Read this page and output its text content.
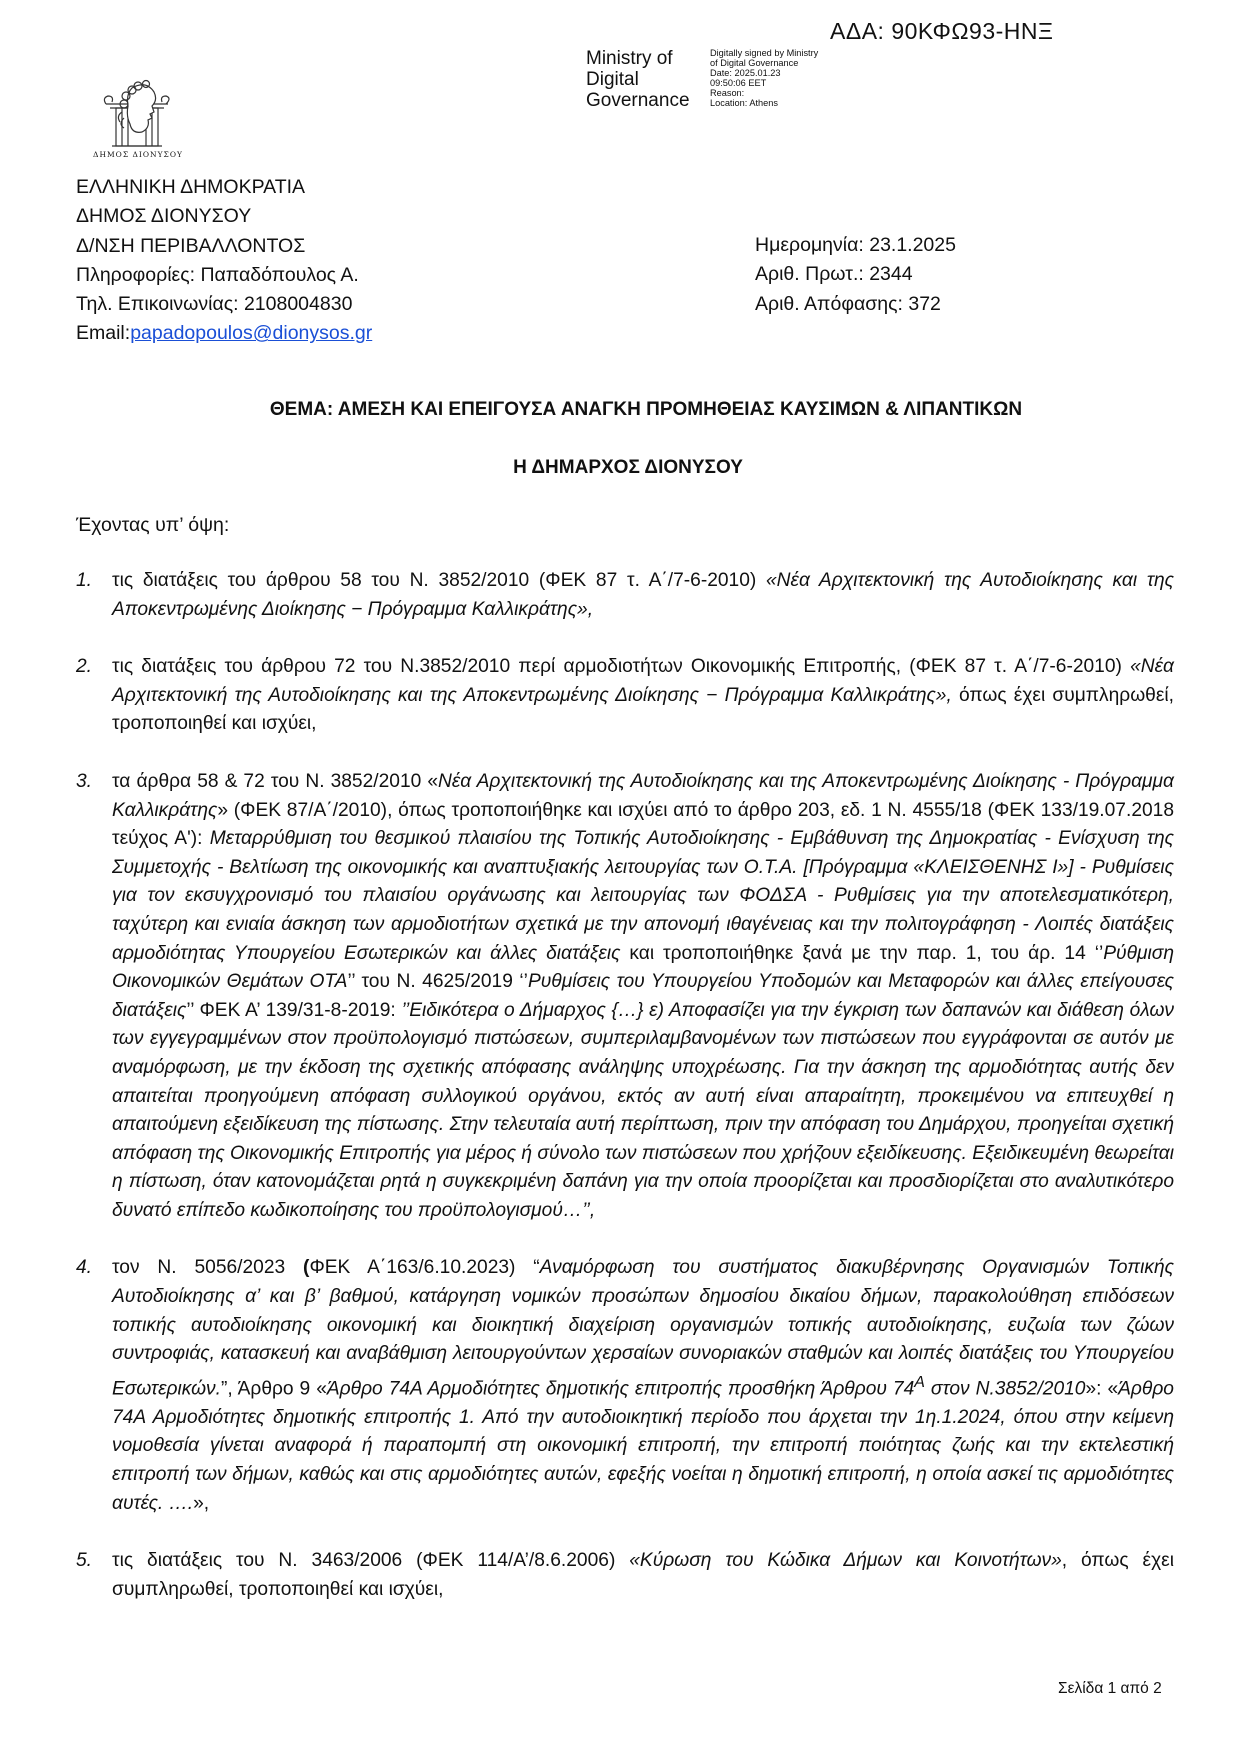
ΑΔΑ: 90ΚΦΩ93-ΗΝΞ
Ministry of
Digital
Governance
Digitally signed by Ministry
of Digital Governance
Date: 2025.01.23
09:50:06 EET
Reason:
Location: Athens
ΔΗΜΟΣ ΔΙΟΝΥΣΟΥ
ΕΛΛΗΝΙΚΗ ΔΗΜΟΚΡΑΤΙΑ
ΔΗΜΟΣ ΔΙΟΝΥΣΟΥ
Δ/ΝΣΗ ΠΕΡΙΒΑΛΛΟΝΤΟΣ
Πληροφορίες: Παπαδόπουλος Α.
Τηλ. Επικοινωνίας: 2108004830
Email:papadopoulos@dionysos.gr
Ημερομηνία: 23.1.2025
Αριθ. Πρωτ.: 2344
Αριθ. Απόφασης: 372
ΘΕΜΑ: ΑΜΕΣΗ ΚΑΙ ΕΠΕΙΓΟΥΣΑ ΑΝΑΓΚΗ ΠΡΟΜΗΘΕΙΑΣ ΚΑΥΣΙΜΩΝ & ΛΙΠΑΝΤΙΚΩΝ
Η ΔΗΜΑΡΧΟΣ ΔΙΟΝΥΣΟΥ
Έχοντας υπ’ όψη:
1. τις διατάξεις του άρθρου 58 του Ν. 3852/2010 (ΦΕΚ 87 τ. Α΄/7-6-2010) «Νέα Αρχιτεκτονική της Αυτοδιοίκησης και της Αποκεντρωμένης Διοίκησης − Πρόγραμμα Καλλικράτης»,
2. τις διατάξεις του άρθρου 72 του Ν.3852/2010 περί αρμοδιοτήτων Οικονομικής Επιτροπής, (ΦΕΚ 87 τ. Α΄/7-6-2010) «Νέα Αρχιτεκτονική της Αυτοδιοίκησης και της Αποκεντρωμένης Διοίκησης − Πρόγραμμα Καλλικράτης», όπως έχει συμπληρωθεί, τροποποιηθεί και ισχύει,
3. τα άρθρα 58 & 72 του Ν. 3852/2010 «Νέα Αρχιτεκτονική της Αυτοδιοίκησης και της Αποκεντρωμένης Διοίκησης - Πρόγραμμα Καλλικράτης» (ΦΕΚ 87/Α΄/2010), όπως τροποποιήθηκε και ισχύει από το άρθρο 203, εδ. 1 Ν. 4555/18 (ΦΕΚ 133/19.07.2018 τεύχος Α'): Μεταρρύθμιση του θεσμικού πλαισίου της Τοπικής Αυτοδιοίκησης - Εμβάθυνση της Δημοκρατίας - Ενίσχυση της Συμμετοχής - Βελτίωση της οικονομικής και αναπτυξιακής λειτουργίας των Ο.Τ.Α. [Πρόγραμμα «ΚΛΕΙΣΘΕΝΗΣ Ι»] - Ρυθμίσεις για τον εκσυγχρονισμό του πλαισίου οργάνωσης και λειτουργίας των ΦΟΔΣΑ - Ρυθμίσεις για την αποτελεσματικότερη, ταχύτερη και ενιαία άσκηση των αρμοδιοτήτων σχετικά με την απονομή ιθαγένειας και την πολιτογράφηση - Λοιπές διατάξεις αρμοδιότητας Υπουργείου Εσωτερικών και άλλες διατάξεις και τροποποιήθηκε ξανά με την παρ. 1, του άρ. 14 ‘’Ρύθμιση Οικονομικών Θεμάτων ΟΤΑ’’ του Ν. 4625/2019 ‘’Ρυθμίσεις του Υπουργείου Υποδομών και Μεταφορών και άλλες επείγουσες διατάξεις’’ ΦΕΚ Α’ 139/31-8-2019: ’’Ειδικότερα ο Δήμαρχος {…} ε) Αποφασίζει για την έγκριση των δαπανών και διάθεση όλων των εγγεγραμμένων στον προϋπολογισμό πιστώσεων, συμπεριλαμβανομένων των πιστώσεων που εγγράφονται σε αυτόν με αναμόρφωση, με την έκδοση της σχετικής απόφασης ανάληψης υποχρέωσης. Για την άσκηση της αρμοδιότητας αυτής δεν απαιτείται προηγούμενη απόφαση συλλογικού οργάνου, εκτός αν αυτή είναι απαραίτητη, προκειμένου να επιτευχθεί η απαιτούμενη εξειδίκευση της πίστωσης. Στην τελευταία αυτή περίπτωση, πριν την απόφαση του Δημάρχου, προηγείται σχετική απόφαση της Οικονομικής Επιτροπής για μέρος ή σύνολο των πιστώσεων που χρήζουν εξειδίκευσης. Εξειδικευμένη θεωρείται η πίστωση, όταν κατονομάζεται ρητά η συγκεκριμένη δαπάνη για την οποία προορίζεται και προσδιορίζεται στο αναλυτικότερο δυνατό επίπεδο κωδικοποίησης του προϋπολογισμού…’’,
4. τον Ν. 5056/2023 (ΦΕΚ Α΄163/6.10.2023) “Αναμόρφωση του συστήματος διακυβέρνησης Οργανισμών Τοπικής Αυτοδιοίκησης α’ και β’ βαθμού, κατάργηση νομικών προσώπων δημοσίου δικαίου δήμων, παρακολούθηση επιδόσεων τοπικής αυτοδιοίκησης οικονομική και διοικητική διαχείριση οργανισμών τοπικής αυτοδιοίκησης, ευζωία των ζώων συντροφιάς, κατασκευή και αναβάθμιση λειτουργούντων χερσαίων συνοριακών σταθμών και λοιπές διατάξεις του Υπουργείου Εσωτερικών.”, Άρθρο 9 «Άρθρο 74Α Αρμοδιότητες δημοτικής επιτροπής προσθήκη Άρθρου $74^A$ στον Ν.3852/2010»: «Άρθρο 74Α Αρμοδιότητες δημοτικής επιτροπής 1. Από την αυτοδιοικητική περίοδο που άρχεται την 1η.1.2024, όπου στην κείμενη νομοθεσία γίνεται αναφορά ή παραπομπή στη οικονομική επιτροπή, την επιτροπή ποιότητας ζωής και την εκτελεστική επιτροπή των δήμων, καθώς και στις αρμοδιότητες αυτών, εφεξής νοείται η δημοτική επιτροπή, η οποία ασκεί τις αρμοδιότητες αυτές. ….»,
5. τις διατάξεις του Ν. 3463/2006 (ΦΕΚ 114/Α’/8.6.2006) «Κύρωση του Κώδικα Δήμων και Κοινοτήτων», όπως έχει συμπληρωθεί, τροποποιηθεί και ισχύει,
Σελίδα 1 από 2
